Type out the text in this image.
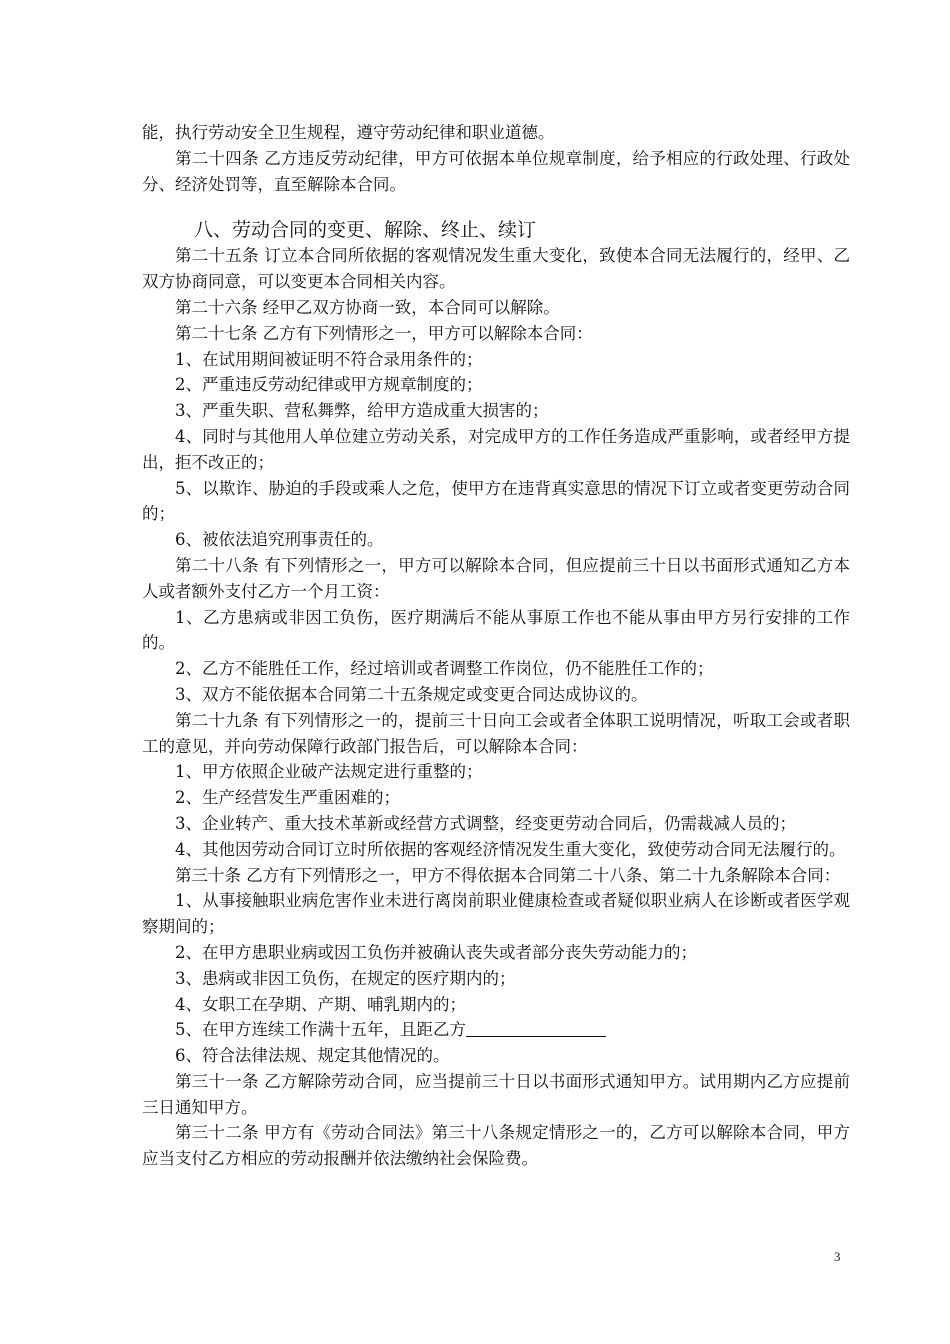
能，执行劳动安全卫生规程，遵守劳动纪律和职业道德。

第二十四条 乙方违反劳动纪律，甲方可依据本单位规章制度，给予相应的行政处理、行政处分、经济处罚等，直至解除本合同。

八、劳动合同的变更、解除、终止、续订

第二十五条 订立本合同所依据的客观情况发生重大变化，致使本合同无法履行的，经甲、乙双方协商同意，可以变更本合同相关内容。

第二十六条 经甲乙双方协商一致，本合同可以解除。

第二十七条 乙方有下列情形之一，甲方可以解除本合同：

1、在试用期间被证明不符合录用条件的；

2、严重违反劳动纪律或甲方规章制度的；

3、严重失职、营私舞弊，给甲方造成重大损害的；

4、同时与其他用人单位建立劳动关系，对完成甲方的工作任务造成严重影响，或者经甲方提出，拒不改正的；

5、以欺诈、胁迫的手段或乘人之危，使甲方在违背真实意思的情况下订立或者变更劳动合同的；

6、被依法追究刑事责任的。

第二十八条 有下列情形之一，甲方可以解除本合同，但应提前三十日以书面形式通知乙方本人或者额外支付乙方一个月工资：

1、乙方患病或非因工负伤，医疗期满后不能从事原工作也不能从事由甲方另行安排的工作的。

2、乙方不能胜任工作，经过培训或者调整工作岗位，仍不能胜任工作的；

3、双方不能依据本合同第二十五条规定或变更合同达成协议的。

第二十九条 有下列情形之一的，提前三十日向工会或者全体职工说明情况，听取工会或者职工的意见，并向劳动保障行政部门报告后，可以解除本合同：

1、甲方依照企业破产法规定进行重整的；

2、生产经营发生严重困难的；

3、企业转产、重大技术革新或经营方式调整，经变更劳动合同后，仍需裁减人员的；

4、其他因劳动合同订立时所依据的客观经济情况发生重大变化，致使劳动合同无法履行的。

第三十条 乙方有下列情形之一，甲方不得依据本合同第二十八条、第二十九条解除本合同：

1、从事接触职业病危害作业未进行离岗前职业健康检查或者疑似职业病人在诊断或者医学观察期间的；

2、在甲方患职业病或因工负伤并被确认丧失或者部分丧失劳动能力的；

3、患病或非因工负伤，在规定的医疗期内的；

4、女职工在孕期、产期、哺乳期内的；

5、在甲方连续工作满十五年，且距乙方

6、符合法律法规、规定其他情况的。

第三十一条 乙方解除劳动合同，应当提前三十日以书面形式通知甲方。试用期内乙方应提前三日通知甲方。

第三十二条 甲方有《劳动合同法》第三十八条规定情形之一的，乙方可以解除本合同，甲方应当支付乙方相应的劳动报酬并依法缴纳社会保险费。

3
